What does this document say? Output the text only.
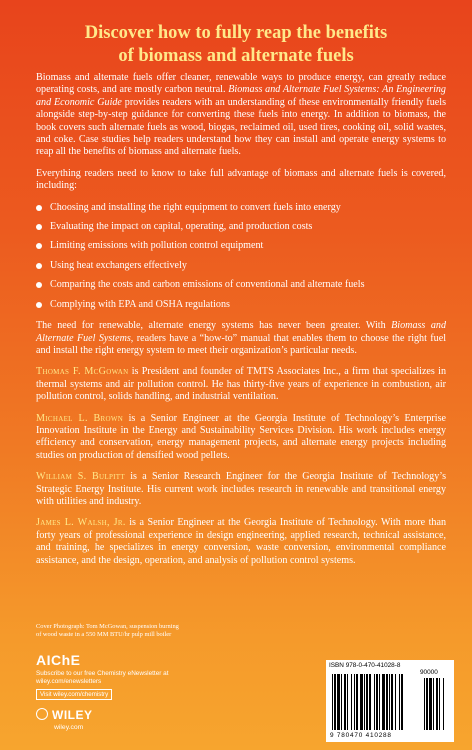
Discover how to fully reap the benefits
of biomass and alternate fuels

Biomass and alternate fuels offer cleaner, renewable ways to produce energy, can greatly reduce operating costs, and are mostly carbon neutral. Biomass and Alternate Fuel Systems: An Engineering and Economic Guide provides readers with an understanding of these environmentally friendly fuels alongside step-by-step guidance for converting these fuels into energy. In addition to biomass, the book covers such alternate fuels as wood, biogas, reclaimed oil, used tires, cooking oil, solid wastes, and coke. Case studies help readers understand how they can install and operate energy systems to reap all the benefits of biomass and alternate fuels.

Everything readers need to know to take full advantage of biomass and alternate fuels is covered, including:

Choosing and installing the right equipment to convert fuels into energy
Evaluating the impact on capital, operating, and production costs
Limiting emissions with pollution control equipment
Using heat exchangers effectively
Comparing the costs and carbon emissions of conventional and alternate fuels
Complying with EPA and OSHA regulations

The need for renewable, alternate energy systems has never been greater. With Biomass and Alternate Fuel Systems, readers have a “how-to” manual that enables them to choose the right fuel and install the right energy system to meet their organization’s particular needs.

Thomas F. McGowan is President and founder of TMTS Associates Inc., a firm that specializes in thermal systems and air pollution control. He has thirty-five years of experience in combustion, air pollution control, solids handling, and industrial ventilation.

Michael L. Brown is a Senior Engineer at the Georgia Institute of Technology’s Enterprise Innovation Institute in the Energy and Sustainability Services Division. His work includes energy efficiency and conservation, energy management projects, and alternate energy projects including studies on production of densified wood pellets.

William S. Bulpitt is a Senior Research Engineer for the Georgia Institute of Technology’s Strategic Energy Institute. His current work includes research in renewable and transitional energy with utilities and industry.

James L. Walsh, Jr. is a Senior Engineer at the Georgia Institute of Technology. With more than forty years of professional experience in design engineering, applied research, technical assistance, and training, he specializes in energy conversion, waste conversion, environmental compliance assistance, and the design, operation, and analysis of pollution control systems.

Cover Photograph: Tom McGowan, suspension burning
of wood waste in a 550 MM BTU/hr pulp mill boiler
AIChE
Subscribe to our free Chemistry eNewsletter at
wiley.com/enewsletters
Visit wiley.com/chemistry
WILEY
wiley.com
ISBN 978-0-470-41028-8
90000
9 780470 410288
